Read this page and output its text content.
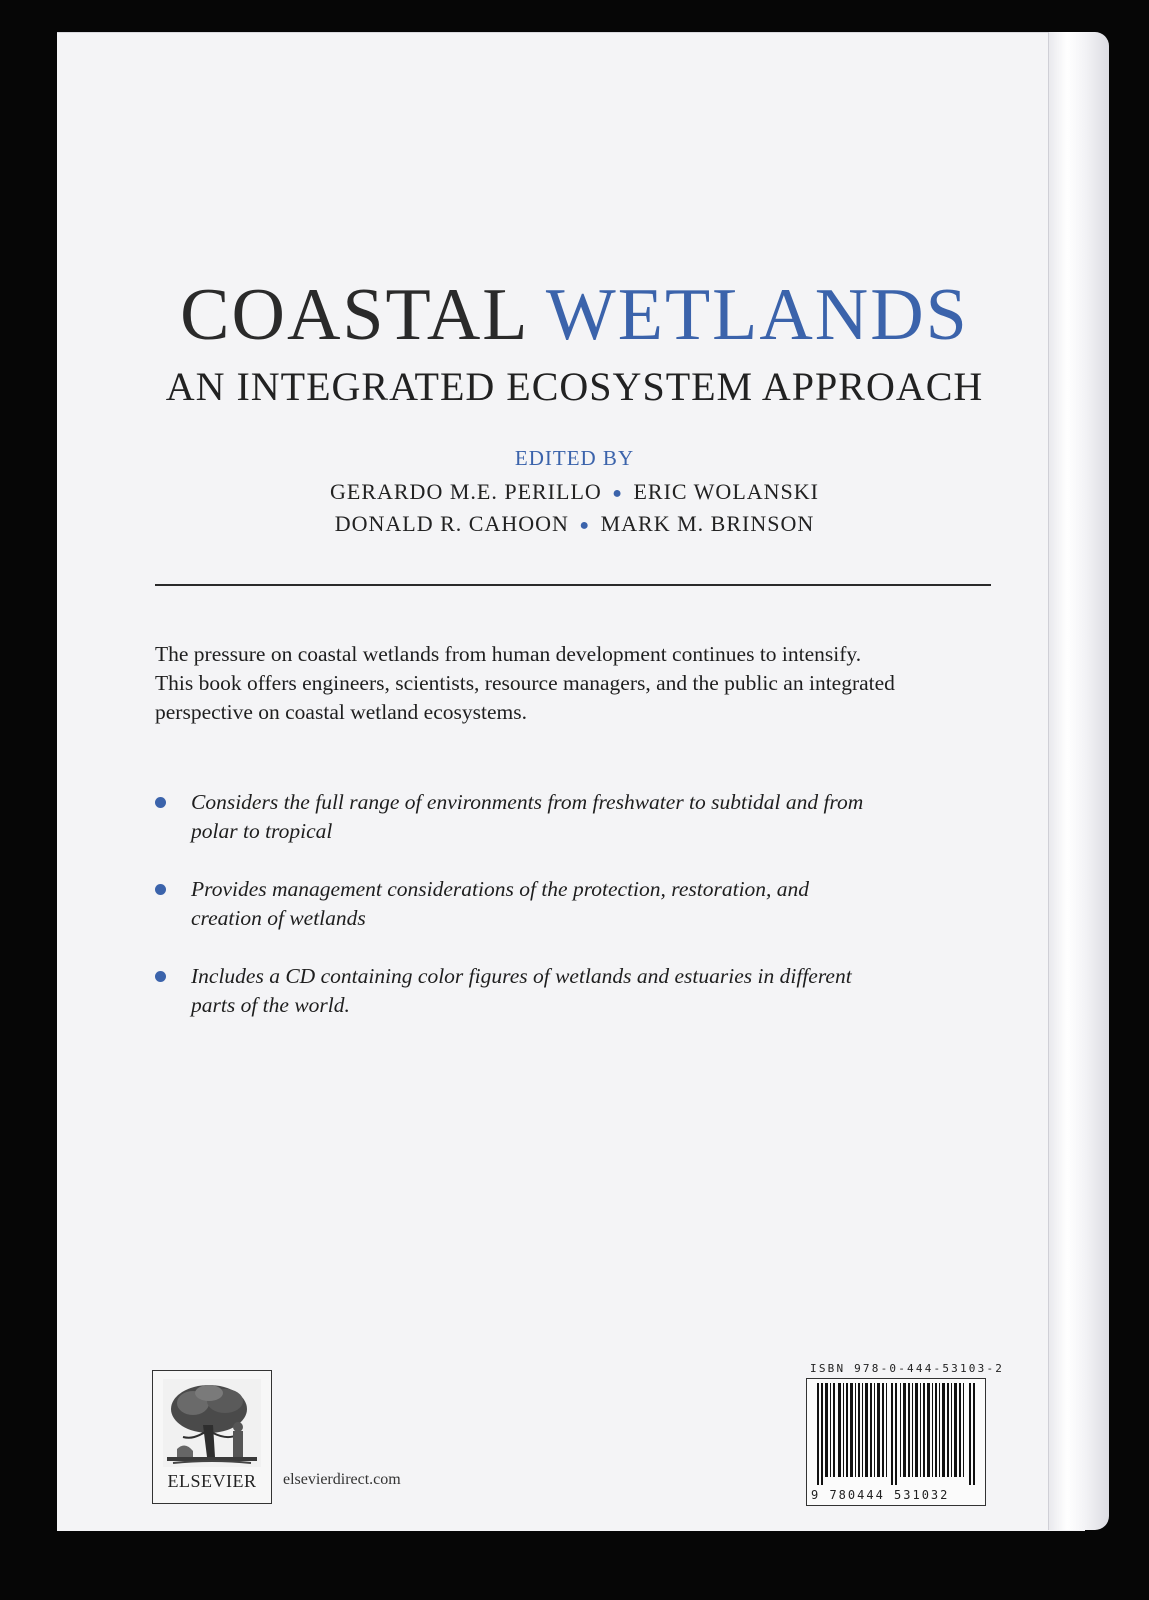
COASTAL WETLANDS
AN INTEGRATED ECOSYSTEM APPROACH
EDITED BY
GERARDO M.E. PERILLO ● ERIC WOLANSKI
DONALD R. CAHOON ● MARK M. BRINSON
The pressure on coastal wetlands from human development continues to intensify.
This book offers engineers, scientists, resource managers, and the public an integrated
perspective on coastal wetland ecosystems.
Considers the full range of environments from freshwater to subtidal and from
polar to tropical
Provides management considerations of the protection, restoration, and
creation of wetlands
Includes a CD containing color figures of wetlands and estuaries in different
parts of the world.
ELSEVIER	elsevierdirect.com
ISBN 978-0-444-53103-2
9 780444 531032
